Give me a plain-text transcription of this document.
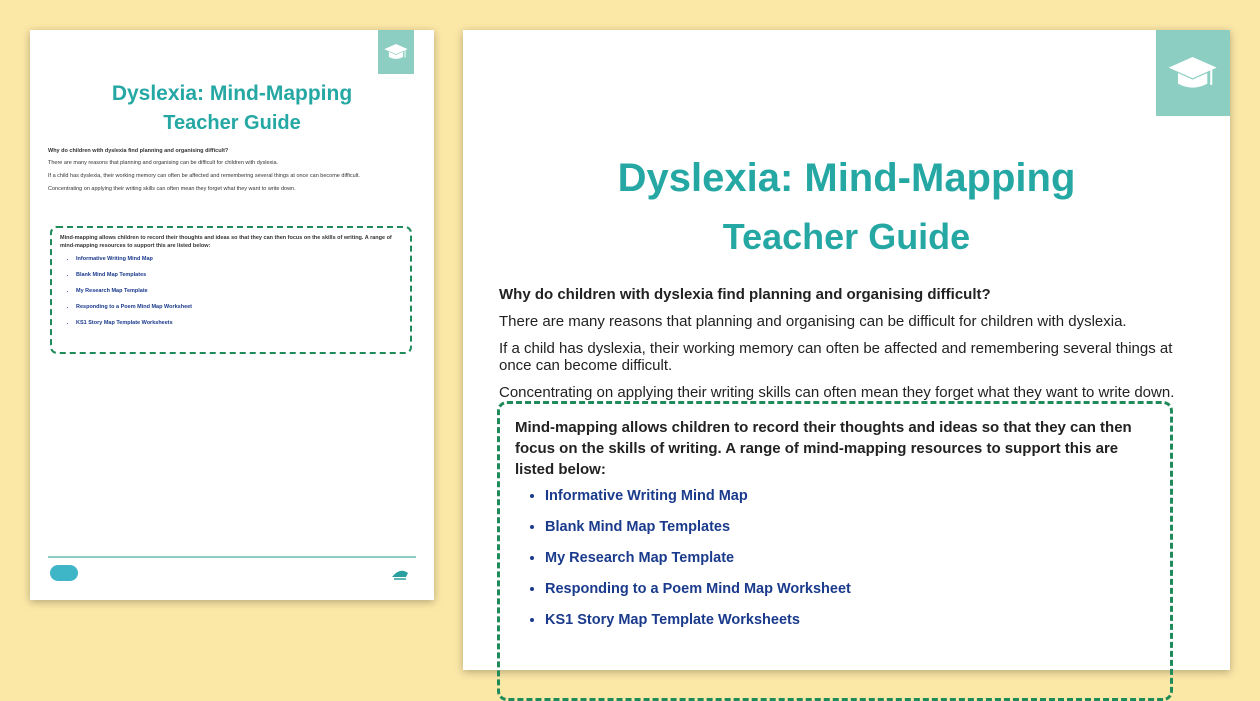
Dyslexia: Mind-Mapping
Teacher Guide

Why do children with dyslexia find planning and organising difficult?

There are many reasons that planning and organising can be difficult for children with dyslexia.

If a child has dyslexia, their working memory can often be affected and remembering several things at once can become difficult.

Concentrating on applying their writing skills can often mean they forget what they want to write down.

Mind-mapping allows children to record their thoughts and ideas so that they can then focus on the skills of writing. A range of mind-mapping resources to support this are listed below:

• Informative Writing Mind Map
• Blank Mind Map Templates
• My Research Map Template
• Responding to a Poem Mind Map Worksheet
• KS1 Story Map Template Worksheets
Dyslexia: Mind-Mapping
Teacher Guide

Why do children with dyslexia find planning and organising difficult?

There are many reasons that planning and organising can be difficult for children with dyslexia.

If a child has dyslexia, their working memory can often be affected and remembering several things at once can become difficult.

Concentrating on applying their writing skills can often mean they forget what they want to write down.

Mind-mapping allows children to record their thoughts and ideas so that they can then focus on the skills of writing. A range of mind-mapping resources to support this are listed below:

• Informative Writing Mind Map
• Blank Mind Map Templates
• My Research Map Template
• Responding to a Poem Mind Map Worksheet
• KS1 Story Map Template Worksheets
